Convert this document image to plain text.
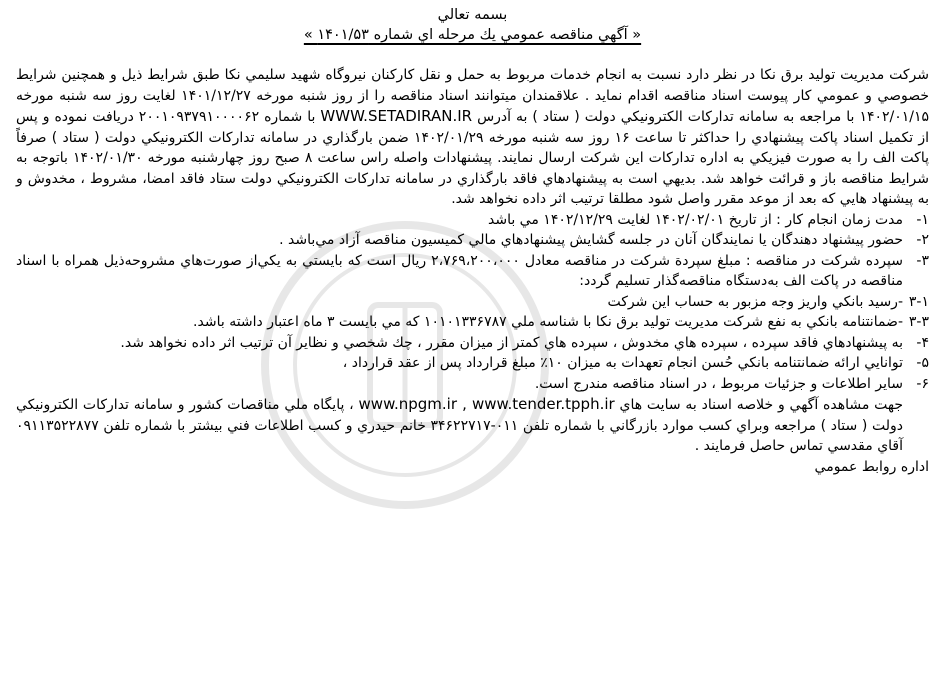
بسمه تعالي

« آگهي مناقصه عمومي يك مرحله اي شماره ۱۴۰۱/۵۳ »

شركت مديريت توليد برق نكا در نظر دارد نسبت به انجام خدمات مربوط به حمل و نقل كاركنان نيروگاه شهيد سليمي نكا طبق شرايط ذيل و همچنين شرايط خصوصي و عمومي كار پيوست اسناد مناقصه اقدام نمايد . علاقمندان ميتوانند اسناد مناقصه را از روز شنبه مورخه ۱۴۰۱/۱۲/۲۷ لغايت روز سه شنبه مورخه ۱۴۰۲/۰۱/۱۵ با مراجعه به سامانه تداركات الكترونيكي دولت ( ستاد ) به آدرس WWW.SETADIRAN.IR با شماره ۲۰۰۱۰۹۳۷۹۱۰۰۰۰۶۲ دريافت نموده و پس از تكميل اسناد پاكت پيشنهادي را حداكثر تا ساعت ۱۶ روز سه شنبه مورخه ۱۴۰۲/۰۱/۲۹ ضمن بارگذاري در سامانه تداركات الكترونيكي دولت ( ستاد ) صرفاً پاكت الف را به صورت فيزيكي به اداره تداركات اين شركت ارسال نمايند. پيشنهادات واصله راس ساعت ۸ صبح روز چهارشنبه مورخه ۱۴۰۲/۰۱/۳۰ باتوجه به شرايط مناقصه باز و قرائت خواهد شد. بديهي است به پيشنهادهاي فاقد بارگذاري در سامانه تداركات الكترونيكي دولت ستاد فاقد امضا، مشروط ، مخدوش و به پيشنهاد هايي كه بعد از موعد مقرر واصل شود مطلقا ترتيب اثر داده نخواهد شد.

۱-
مدت زمان انجام كار : از تاريخ ۱۴۰۲/۰۲/۰۱ لغايت ۱۴۰۲/۱۲/۲۹ مي باشد
۲-
حضور پيشنهاد دهندگان يا نمايندگان آنان در جلسه گشايش پيشنهادهاي مالي كميسيون مناقصه آزاد مي‌باشد .
۳-
سپرده شركت در مناقصه : مبلغ سپردة شركت در مناقصه معادل ۲،۷۶۹،۲۰۰،۰۰۰ ريال است كه بايستي به يكي‌از صورت‌هاي مشروحه‌ذيل همراه با اسناد مناقصه در پاكت الف به‌دستگاه مناقصه‌گذار تسليم گردد:
۳-۱
-رسيد بانكي واريز وجه مزبور به حساب اين شركت
۳-۳
-ضمانتنامه بانكي به نفع شركت مديريت توليد برق نكا با شناسه ملي ۱۰۱۰۱۳۳۶۷۸۷ كه مي بايست ۳ ماه اعتبار داشته باشد.
۴-
به پيشنهادهاي فاقد سپرده ، سپرده هاي مخدوش ، سپرده هاي كمتر از ميزان مقرر ، چك شخصي و نظاير آن ترتيب اثر داده نخواهد شد.
۵-
توانايي ارائه ضمانتنامه بانكي حُسن انجام تعهدات به ميزان ۱۰٪ مبلغ قرارداد پس از عقد قرارداد ،
۶-
ساير اطلاعات و جزئيات مربوط ، در اسناد مناقصه مندرج است.

جهت مشاهده آگهي و خلاصه اسناد به سايت هاي www.npgm.ir , www.tender.tpph.ir ، پايگاه ملي مناقصات كشور و سامانه تداركات الكترونيكي دولت ( ستاد ) مراجعه وبراي كسب موارد بازرگاني با شماره تلفن ۰۱۱-۳۴۶۲۲۷۱۷ خانم حيدري و كسب اطلاعات فني بيشتر با شماره تلفن ۰۹۱۱۳۵۲۲۸۷۷ آقاي مقدسي تماس حاصل فرمايند .

اداره روابط عمومي
